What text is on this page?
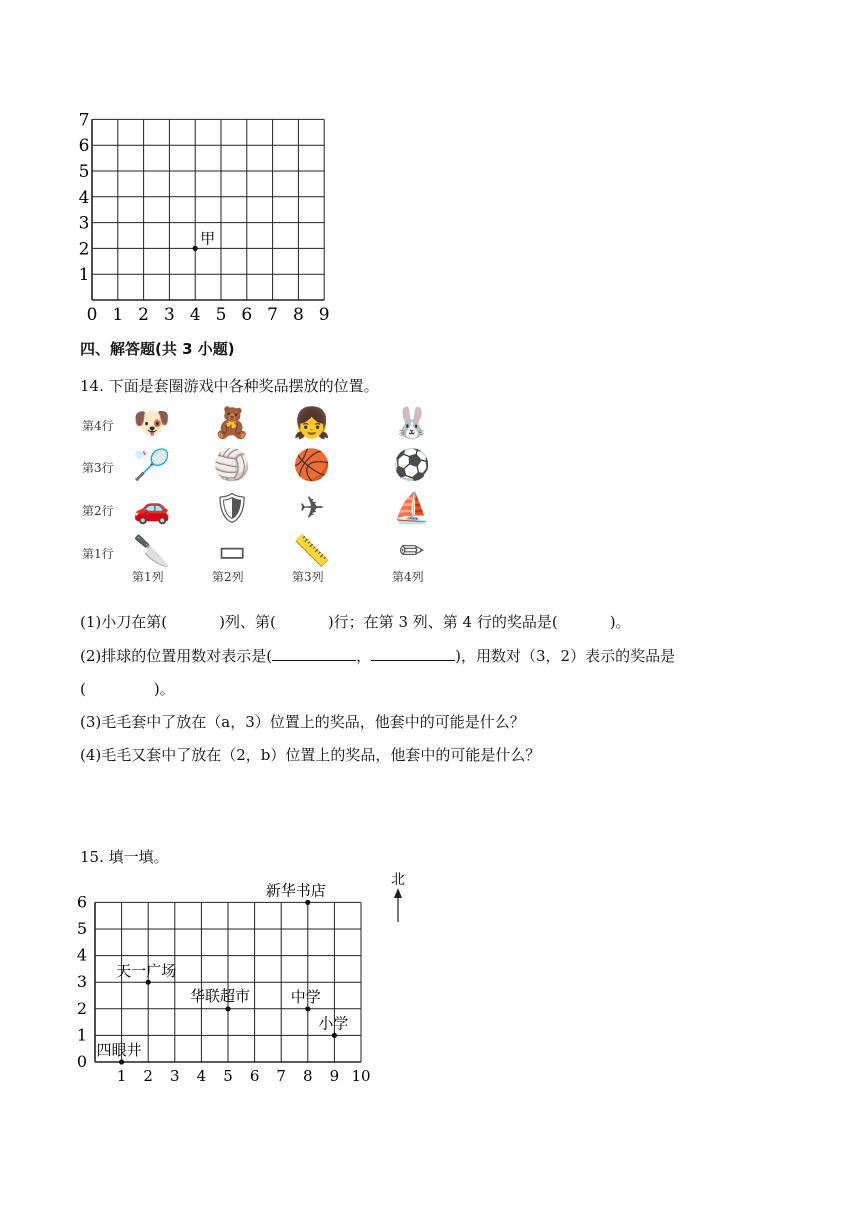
0 1 2 3 4 5 6 7 8 9
1
2
3
4
5
6
7
甲
四、解答题(共 3 小题)
14. 下面是套圈游戏中各种奖品摆放的位置。
第4行 🐶 🧸 👧 🐰
第3行 🏸 🏐 🏀 ⚽
第2行 🚗 🛡	✈	⛵
第1行 🔪 ▭ 📏	✏
第1列	第2列	第3列	第4列
(1)小刀在第(	)列、第(	)行；在第 3 列、第 4 行的奖品是(	)。
(2)排球的位置用数对表示是(	，	)，用数对（3，2）表示的奖品是
(	)。
(3)毛毛套中了放在（a，3）位置上的奖品，他套中的可能是什么？
(4)毛毛又套中了放在（2，b）位置上的奖品，他套中的可能是什么？
15. 填一填。
1 2 3 4 5 6 7 8 9 10
0
1
2
3
4
5
6
新华书店
天一广场
华联超市	中学
小学
四眼井
北
